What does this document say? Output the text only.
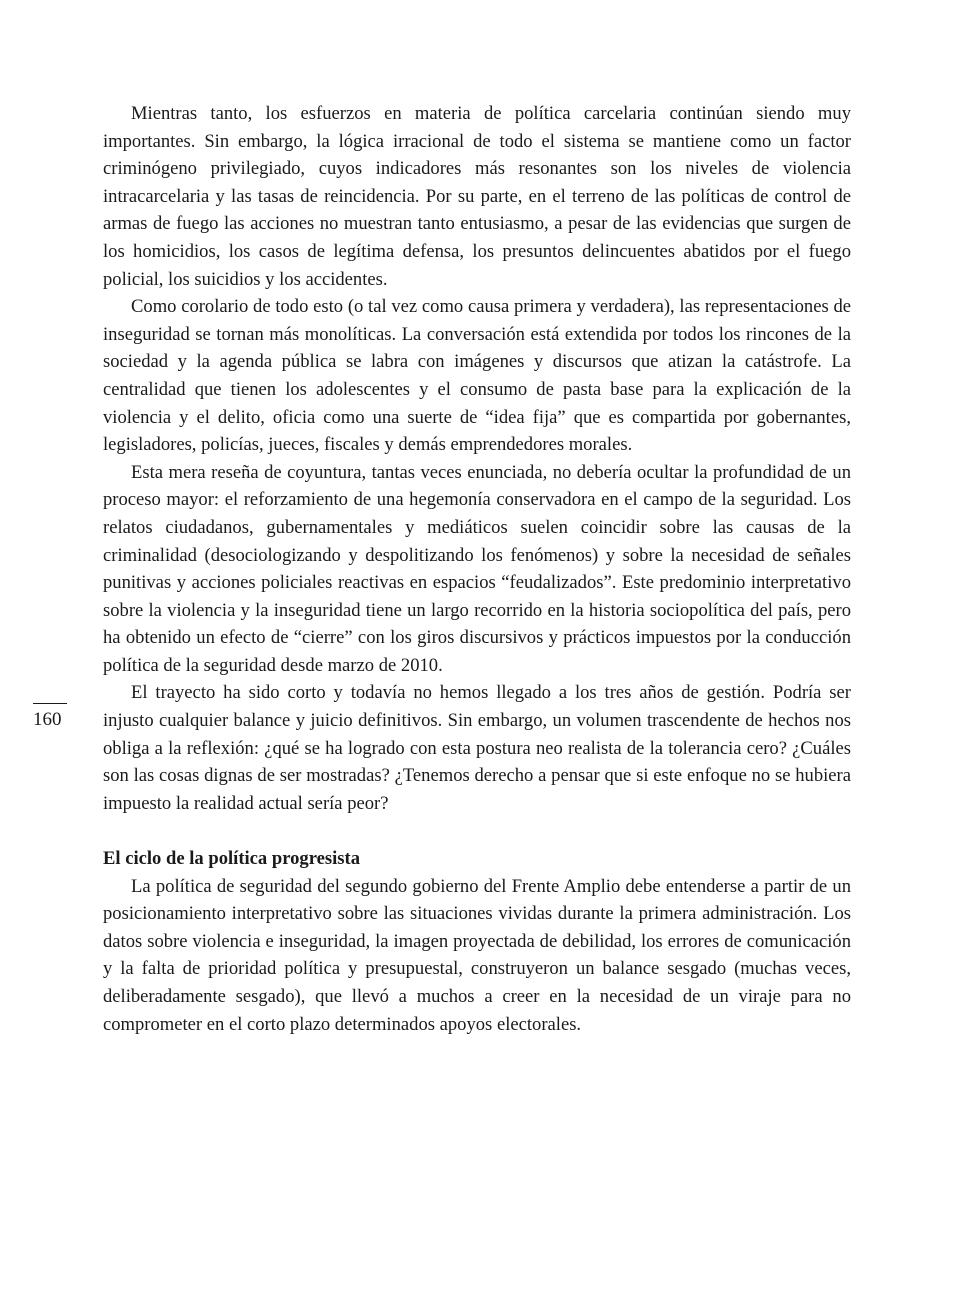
Mientras tanto, los esfuerzos en materia de política carcelaria continúan siendo muy importantes. Sin embargo, la lógica irracional de todo el sistema se mantiene como un factor criminógeno privilegiado, cuyos indicadores más resonantes son los niveles de violencia intracarcelaria y las tasas de reincidencia. Por su parte, en el terreno de las políticas de control de armas de fuego las acciones no muestran tanto entusiasmo, a pesar de las evidencias que surgen de los homicidios, los casos de legítima defensa, los presuntos delincuentes abatidos por el fuego policial, los suicidios y los accidentes.

Como corolario de todo esto (o tal vez como causa primera y verdadera), las representaciones de inseguridad se tornan más monolíticas. La conversación está extendida por todos los rincones de la sociedad y la agenda pública se labra con imágenes y discursos que atizan la catástrofe. La centralidad que tienen los adolescentes y el consumo de pasta base para la explicación de la violencia y el delito, oficia como una suerte de “idea fija” que es compartida por gobernantes, legisladores, policías, jueces, fiscales y demás emprendedores morales.

Esta mera reseña de coyuntura, tantas veces enunciada, no debería ocultar la profundidad de un proceso mayor: el reforzamiento de una hegemonía conservadora en el campo de la seguridad. Los relatos ciudadanos, gubernamentales y mediáticos suelen coincidir sobre las causas de la criminalidad (desociologizando y despolitizando los fenómenos) y sobre la necesidad de señales punitivas y acciones policiales reactivas en espacios “feudalizados”. Este predominio interpretativo sobre la violencia y la inseguridad tiene un largo recorrido en la historia sociopolítica del país, pero ha obtenido un efecto de “cierre” con los giros discursivos y prácticos impuestos por la conducción política de la seguridad desde marzo de 2010.

El trayecto ha sido corto y todavía no hemos llegado a los tres años de gestión. Podría ser injusto cualquier balance y juicio definitivos. Sin embargo, un volumen trascendente de hechos nos obliga a la reflexión: ¿qué se ha logrado con esta postura neo realista de la tolerancia cero? ¿Cuáles son las cosas dignas de ser mostradas? ¿Tenemos derecho a pensar que si este enfoque no se hubiera impuesto la realidad actual sería peor?

El ciclo de la política progresista

La política de seguridad del segundo gobierno del Frente Amplio debe entenderse a partir de un posicionamiento interpretativo sobre las situaciones vividas durante la primera administración. Los datos sobre violencia e inseguridad, la imagen proyectada de debilidad, los errores de comunicación y la falta de prioridad política y presupuestal, construyeron un balance sesgado (muchas veces, deliberadamente sesgado), que llevó a muchos a creer en la necesidad de un viraje para no comprometer en el corto plazo determinados apoyos electorales.

160
